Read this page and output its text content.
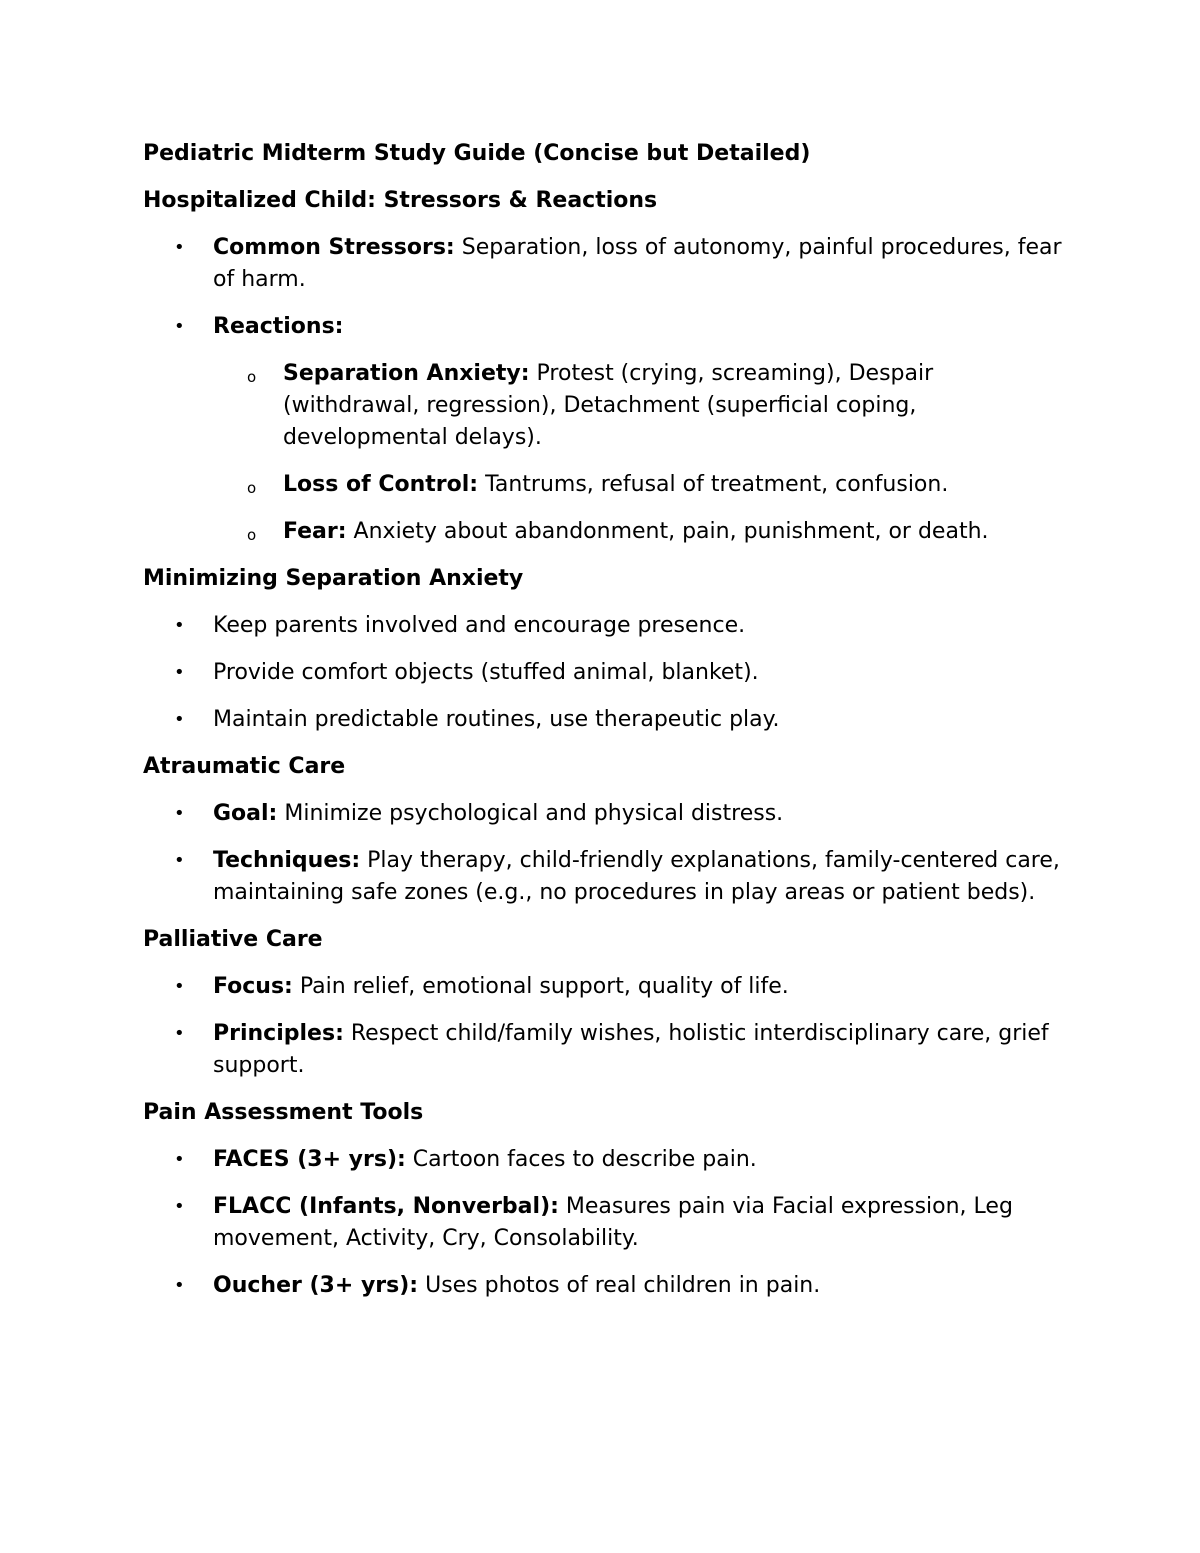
Pediatric Midterm Study Guide (Concise but Detailed)
Hospitalized Child: Stressors & Reactions
• Common Stressors: Separation, loss of autonomy, painful procedures, fear of harm.
• Reactions:
o Separation Anxiety: Protest (crying, screaming), Despair (withdrawal, regression), Detachment (superficial coping, developmental delays).
o Loss of Control: Tantrums, refusal of treatment, confusion.
o Fear: Anxiety about abandonment, pain, punishment, or death.
Minimizing Separation Anxiety
• Keep parents involved and encourage presence.
• Provide comfort objects (stuffed animal, blanket).
• Maintain predictable routines, use therapeutic play.
Atraumatic Care
• Goal: Minimize psychological and physical distress.
• Techniques: Play therapy, child-friendly explanations, family-centered care, maintaining safe zones (e.g., no procedures in play areas or patient beds).
Palliative Care
• Focus: Pain relief, emotional support, quality of life.
• Principles: Respect child/family wishes, holistic interdisciplinary care, grief support.
Pain Assessment Tools
• FACES (3+ yrs): Cartoon faces to describe pain.
• FLACC (Infants, Nonverbal): Measures pain via Facial expression, Leg movement, Activity, Cry, Consolability.
• Oucher (3+ yrs): Uses photos of real children in pain.
